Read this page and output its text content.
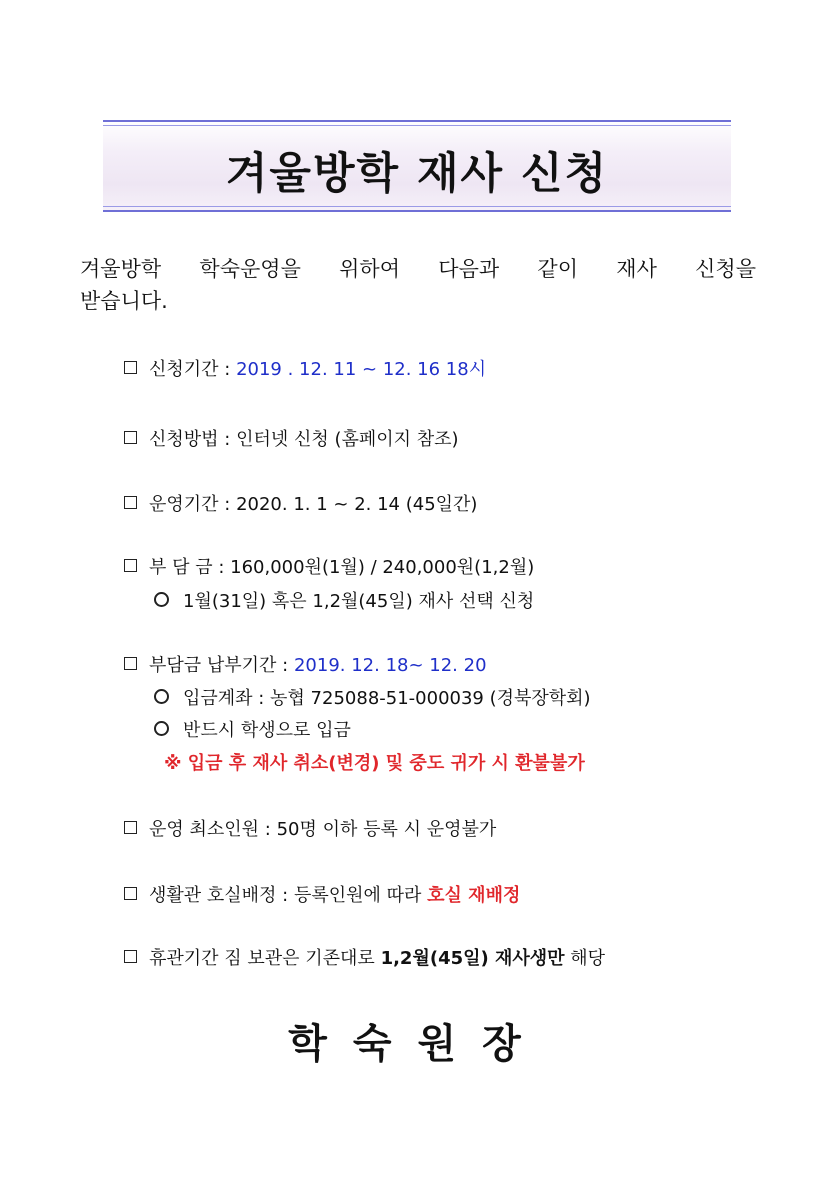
겨울방학 재사 신청
겨울방학 학숙운영을 위하여 다음과 같이 재사 신청을
받습니다.
신청기간 : 2019 . 12. 11 ~ 12. 16 18시
신청방법 : 인터넷 신청 (홈페이지 참조)
운영기간 : 2020. 1. 1 ~ 2. 14 (45일간)
부 담 금 : 160,000원(1월) / 240,000원(1,2월)
1월(31일) 혹은 1,2월(45일) 재사 선택 신청
부담금 납부기간 : 2019. 12. 18~ 12. 20
입금계좌 : 농협 725088-51-000039 (경북장학회)
반드시 학생으로 입금
※ 입금 후 재사 취소(변경) 및 중도 귀가 시 환불불가
운영 최소인원 : 50명 이하 등록 시 운영불가
생활관 호실배정 : 등록인원에 따라 호실 재배정
휴관기간 짐 보관은 기존대로 1,2월(45일) 재사생만 해당
학숙원장
